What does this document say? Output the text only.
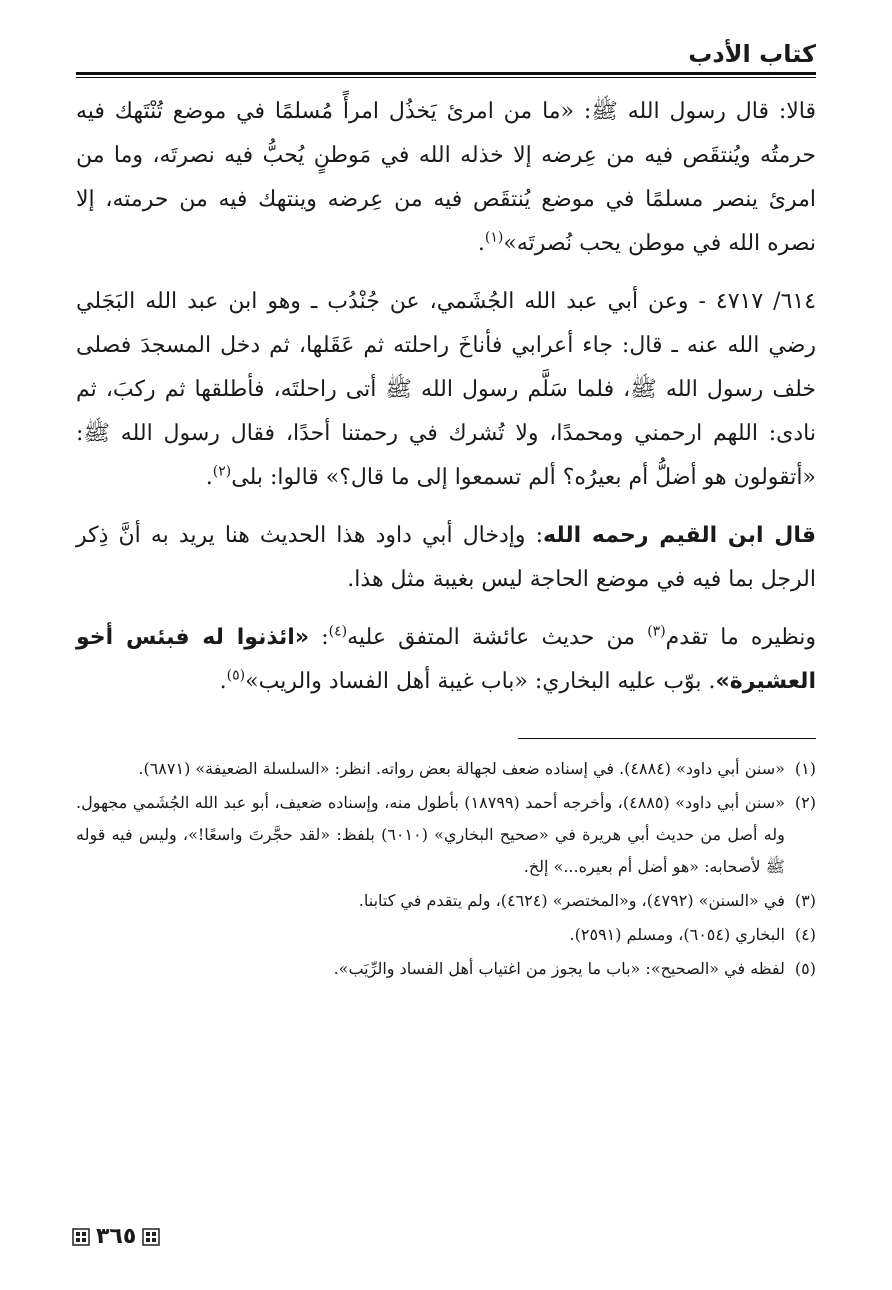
كتاب الأدب

قالا: قال رسول الله ﷺ: «ما من امرئ يَخذُل امرأً مُسلمًا في موضع تُنْتَهك فيه حرمتُه ويُنتقَص فيه من عِرضه إلا خذله الله في مَوطنٍ يُحبُّ فيه نصرتَه، وما من امرئ ينصر مسلمًا في موضع يُنتقَص فيه من عِرضه وينتهك فيه من حرمته، إلا نصره الله في موطن يحب نُصرتَه»$^{(١)}$.

٦١٤/ ٤٧١٧ - وعن أبي عبد الله الجُشَمي، عن جُنْدُب ـ وهو ابن عبد الله البَجَلي رضي الله عنه ـ قال: جاء أعرابي فأناخَ راحلته ثم عَقَلها، ثم دخل المسجدَ فصلى خلف رسول الله ﷺ، فلما سَلَّم رسول الله ﷺ أتى راحلتَه، فأطلقها ثم ركبَ، ثم نادى: اللهم ارحمني ومحمدًا، ولا تُشرك في رحمتنا أحدًا، فقال رسول الله ﷺ: «أتقولون هو أضلُّ أم بعيرُه؟ ألم تسمعوا إلى ما قال؟» قالوا: بلى$^{(٢)}$.

قال ابن القيم رحمه الله: وإدخال أبي داود هذا الحديث هنا يريد به أنَّ ذِكر الرجل بما فيه في موضع الحاجة ليس بغيبة مثل هذا.

ونظيره ما تقدم$^{(٣)}$ من حديث عائشة المتفق عليه$^{(٤)}$: «ائذنوا له فبئس أخو العشيرة». بوّب عليه البخاري: «باب غيبة أهل الفساد والريب»$^{(٥)}$.

(١)
«سنن أبي داود» (٤٨٨٤). في إسناده ضعف لجهالة بعض رواته. انظر: «السلسلة الضعيفة» (٦٨٧١).
(٢)
«سنن أبي داود» (٤٨٨٥)، وأخرجه أحمد (١٨٧٩٩) بأطول منه، وإسناده ضعيف، أبو عبد الله الجُشَمي مجهول. وله أصل من حديث أبي هريرة في «صحيح البخاري» (٦٠١٠) بلفظ: «لقد حجَّرتَ واسعًا!»، وليس فيه قوله ﷺ لأصحابه: «هو أضل أم بعيره...» إلخ.
(٣)
في «السنن» (٤٧٩٢)، و«المختصر» (٤٦٢٤)، ولم يتقدم في كتابنا.
(٤)
البخاري (٦٠٥٤)، ومسلم (٢٥٩١).
(٥)
لفظه في «الصحيح»: «باب ما يجوز من اغتياب أهل الفساد والرِّيَب».
٣٦٥
